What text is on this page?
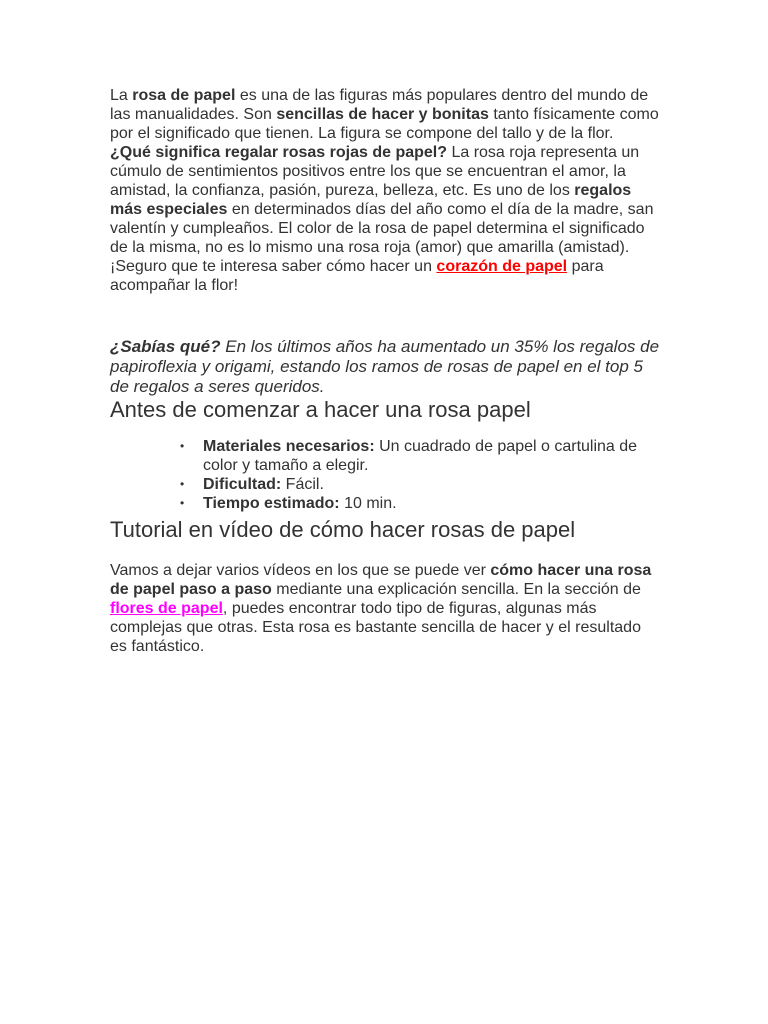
La rosa de papel es una de las figuras más populares dentro del mundo de las manualidades. Son sencillas de hacer y bonitas tanto físicamente como por el significado que tienen. La figura se compone del tallo y de la flor.

¿Qué significa regalar rosas rojas de papel? La rosa roja representa un cúmulo de sentimientos positivos entre los que se encuentran el amor, la amistad, la confianza, pasión, pureza, belleza, etc. Es uno de los regalos más especiales en determinados días del año como el día de la madre, san valentín y cumpleaños. El color de la rosa de papel determina el significado de la misma, no es lo mismo una rosa roja (amor) que amarilla (amistad).

¡Seguro que te interesa saber cómo hacer un corazón de papel para acompañar la flor!

¿Sabías qué? En los últimos años ha aumentado un 35% los regalos de papiroflexia y origami, estando los ramos de rosas de papel en el top 5 de regalos a seres queridos.

Antes de comenzar a hacer una rosa papel
• Materiales necesarios: Un cuadrado de papel o cartulina de color y tamaño a elegir.
• Dificultad: Fácil.
• Tiempo estimado: 10 min.
Tutorial en vídeo de cómo hacer rosas de papel

Vamos a dejar varios vídeos en los que se puede ver cómo hacer una rosa de papel paso a paso mediante una explicación sencilla. En la sección de flores de papel, puedes encontrar todo tipo de figuras, algunas más complejas que otras. Esta rosa es bastante sencilla de hacer y el resultado es fantástico.
